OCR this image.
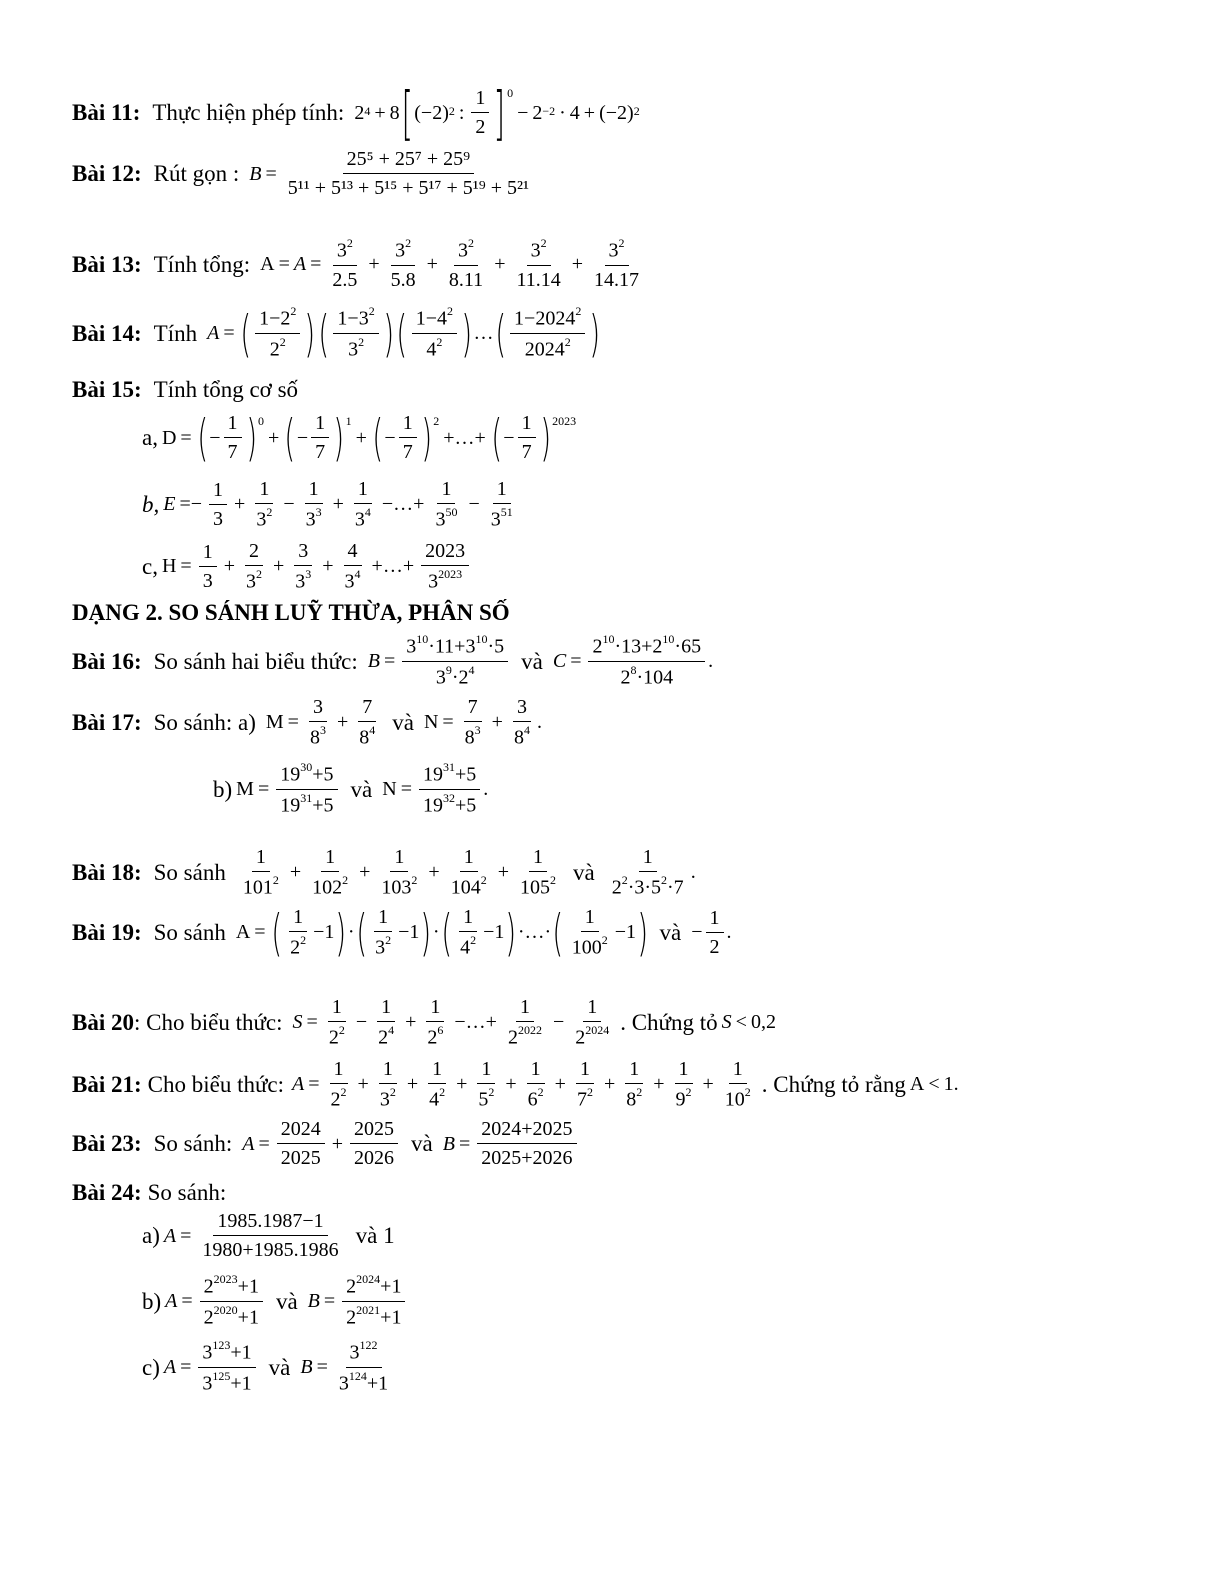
Bài 11: Thực hiện phép tính: $2^4 + 8$ [ $(-2)^2$ : $\frac{1}{2}$ ] 0
− $2^{-2} \cdot 4 + (-2)^2$
Bài 12: Rút gọn : $B = \frac{\text{25⁵ + 25⁷ + 25⁹}}{\text{5¹¹ + 5¹³ + 5¹⁵ + 5¹⁷ + 5¹⁹ + 5²¹}}$
Bài 13: Tính tổng: $A = A = \frac{3^2}{2.5} + \frac{3^2}{5.8} + \frac{3^2}{8.11} + \frac{3^2}{11.14} + \frac{3^2}{14.17}$
Bài 14: Tính A = ( $\frac{1-2^2}{2^2}$ ) ( $\frac{1-3^2}{3^2}$ ) ( $\frac{1-4^2}{4^2}$ ) … ( $\frac{1-2024^2}{2024^2}$ )
Bài 15: Tính tổng cơ số
a, D = ( − $\frac{1}{7}$ ) 0
+ ( − $\frac{1}{7}$ ) 1
+ ( − $\frac{1}{7}$ ) 2
+…+ ( − $\frac{1}{7}$ ) 2023
b, $E =- \frac{1}{3} + \frac{1}{3^2} - \frac{1}{3^3} + \frac{1}{3^4}$ −…+ $\frac{1}{3^{50}} - \frac{1}{3^{51}}$
c, $H = \frac{1}{3} + \frac{2}{3^2} + \frac{3}{3^3} + \frac{4}{3^4}$ +…+ $\frac{2023}{3^{2023}}$
DẠNG 2. SO SÁNH LUỸ THỪA, PHÂN SỐ
Bài 16: So sánh hai biểu thức: $B = \frac{3^{10}\cdot 11+3^{10}\cdot 5}{3^9\cdot 2^4}$ và $C = \frac{2^{10}\cdot 13+2^{10}\cdot 65}{2^8\cdot 104}$ .
Bài 17: So sánh: a) $M = \frac{3}{8^3} + \frac{7}{8^4}$ và $N = \frac{7}{8^3} + \frac{3}{8^4}$ .
b) $M = \frac{19^{30}+5}{19^{31}+5}$ và $N = \frac{19^{31}+5}{19^{32}+5}$ .
Bài 18: So sánh $\frac{1}{101^2} + \frac{1}{102^2} + \frac{1}{103^2} + \frac{1}{104^2} + \frac{1}{105^2}$ và $\frac{1}{2^2\cdot 3\cdot 5^2\cdot 7}$ .
Bài 19: So sánh A = ( $\frac{1}{2^2} -1$ ) · ( $\frac{1}{3^2} -1$ ) · ( $\frac{1}{4^2} -1$ ) ·…· ( $\frac{1}{100^2} -1$ ) và − $\frac{1}{2}$ .
Bài 20 : Cho biểu thức: $S = \frac{1}{2^2} - \frac{1}{2^4} + \frac{1}{2^6}$ −…+ $\frac{1}{2^{2022}} - \frac{1}{2^{2024}}$ . Chứng tỏ S < 0,2
Bài 21: Cho biểu thức: $A = \frac{1}{2^2} + \frac{1}{3^2} + \frac{1}{4^2} + \frac{1}{5^2} + \frac{1}{6^2} + \frac{1}{7^2} + \frac{1}{8^2} + \frac{1}{9^2} + \frac{1}{10^2}$ . Chứng tỏ rằng A < 1.
Bài 23: So sánh: $A = \frac{2024}{2025} + \frac{2025}{2026}$ và $B = \frac{2024+2025}{2025+2026}$
Bài 24: So sánh:
a) $A = \frac{1985.1987-1}{1980+1985.1986}$ và 1
b) $A = \frac{2^{2023}+1}{2^{2020}+1}$ và $B = \frac{2^{2024}+1}{2^{2021}+1}$
c) $A = \frac{3^{123}+1}{3^{125}+1}$ và $B = \frac{3^{122}}{3^{124}+1}$
